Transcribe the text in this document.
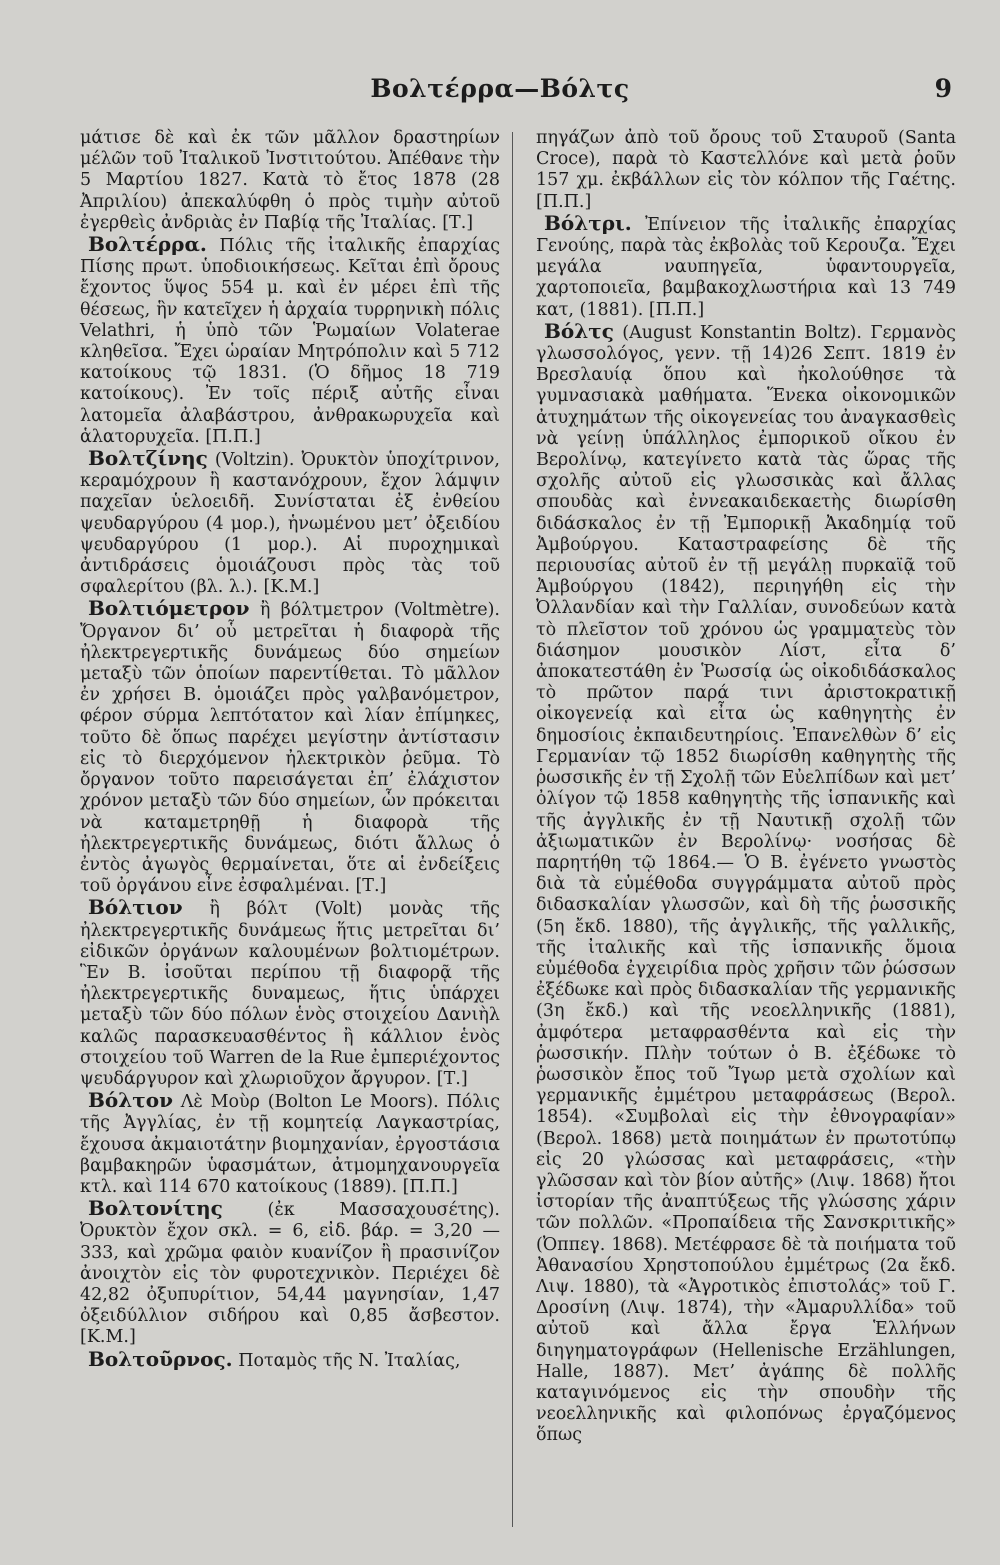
Βολτέρρα—Βόλτς	9

μάτισε δὲ καὶ ἐκ τῶν μᾶλλον δραστηρίων μέλῶν τοῦ Ἰταλικοῦ Ἰνστιτούτου. Ἀπέθανε τὴν 5 Μαρτίου 1827. Κατὰ τὸ ἔτος 1878 (28 Ἀπριλίου) ἀπεκαλύφθη ὁ πρὸς τιμὴν αὐτοῦ ἐγερθεὶς ἀνδριὰς ἐν Παβίᾳ τῆς Ἰταλίας. [Τ.]

Βολτέρρα. Πόλις τῆς ἰταλικῆς ἐπαρχίας Πίσης πρωτ. ὑποδιοικήσεως. Κεῖται ἐπὶ ὄρους ἔχοντος ὕψος 554 μ. καὶ ἐν μέρει ἐπὶ τῆς θέσεως, ἣν κατεῖχεν ἡ ἀρχαία τυρρηνικὴ πόλις Velathri, ἡ ὑπὸ τῶν Ῥωμαίων Volaterae κληθεῖσα. Ἔχει ὡραίαν Μητρόπολιν καὶ 5 712 κατοίκους τῷ 1831. (Ὁ δῆμος 18 719 κατοίκους). Ἐν τοῖς πέριξ αὐτῆς εἶναι λατομεῖα ἀλαβάστρου, ἀνθρακωρυχεῖα καὶ ἁλατορυχεῖα. [Π.Π.]

Βολτζίνης (Voltzin). Ὀρυκτὸν ὑποχίτρινον, κεραμόχρουν ἢ καστανόχρουν, ἔχον λάμψιν παχεῖαν ὑελοειδῆ. Συνίσταται ἐξ ἐνθείου ψευδαργύρου (4 μορ.), ἡνωμένου μετ’ ὀξειδίου ψευδαργύρου (1 μορ.). Αἱ πυροχημικαὶ ἀντιδράσεις ὁμοιάζουσι πρὸς τὰς τοῦ σφαλερίτου (βλ. λ.). [Κ.Μ.]

Βολτιόμετρον ἢ βόλτμετρον (Voltmètre). Ὄργανον δι’ οὗ μετρεῖται ἡ διαφορὰ τῆς ἠλεκτρεγερτικῆς δυνάμεως δύο σημείων μεταξὺ τῶν ὁποίων παρεντίθεται. Τὸ μᾶλλον ἐν χρήσει Β. ὁμοιάζει πρὸς γαλβανόμετρον, φέρον σύρμα λεπτότατον καὶ λίαν ἐπίμηκες, τοῦτο δὲ ὅπως παρέχει μεγίστην ἀντίστασιν εἰς τὸ διερχόμενον ἠλεκτρικὸν ῥεῦμα. Τὸ ὄργανον τοῦτο παρεισάγεται ἐπ’ ἐλάχιστον χρόνον μεταξὺ τῶν δύο σημείων, ὧν πρόκειται νὰ καταμετρηθῇ ἡ διαφορὰ τῆς ἠλεκτρεγερτικῆς δυνάμεως, διότι ἄλλως ὁ ἐντὸς ἀγωγὸς θερμαίνεται, ὅτε αἱ ἐνδείξεις τοῦ ὀργάνου εἶνε ἐσφαλμέναι. [Τ.]

Βόλτιον ἢ βόλτ (Volt) μονὰς τῆς ἠλεκτρεγερτικῆς δυνάμεως ἥτις μετρεῖται δι’ εἰδικῶν ὀργάνων καλουμένων βολτιομέτρων. Ἓν Β. ἰσοῦται περίπου τῇ διαφορᾷ τῆς ἠλεκτρεγερτικῆς δυναμεως, ἥτις ὑπάρχει μεταξὺ τῶν δύο πόλων ἑνὸς στοιχείου Δανιὴλ καλῶς παρασκευασθέντος ἢ κάλλιον ἑνὸς στοιχείου τοῦ Warren de la Rue ἐμπεριέχοντος ψευδάργυρον καὶ χλωριοῦχον ἄργυρον. [Τ.]

Βόλτον Λὲ Μοὺρ (Bolton Le Moors). Πόλις τῆς Ἀγγλίας, ἐν τῇ κομητείᾳ Λαγκαστρίας, ἔχουσα ἀκμαιοτάτην βιομηχανίαν, ἐργοστάσια βαμβακηρῶν ὑφασμάτων, ἀτμομηχανουργεῖα κτλ. καὶ 114 670 κατοίκους (1889). [Π.Π.]

Βολτονίτης	(ἐκ Μασσαχουσέτης). Ὀρυκτὸν ἔχον σκλ. = 6, εἰδ. βάρ. = 3,20 — 333, καὶ χρῶμα φαιὸν κυανίζον ἢ πρασινίζον ἀνοιχτὸν εἰς τὸν φυροτεχνικὸν. Περιέχει δὲ 42,82 ὀξυπυρίτιον, 54,44 μαγνησίαν, 1,47 ὀξειδύλλιον σιδήρου καὶ 0,85 ἄσβεστον. [Κ.Μ.]

Βολτοῦρνος. Ποταμὸς τῆς Ν. Ἰταλίας,

πηγάζων ἀπὸ τοῦ ὄρους τοῦ Σταυροῦ (Santa Croce), παρὰ τὸ Καστελλόνε καὶ μετὰ ῥοῦν 157 χμ. ἐκβάλλων εἰς τὸν κόλπον τῆς Γαέτης. [Π.Π.]

Βόλτρι. Ἐπίνειον τῆς ἰταλικῆς ἐπαρχίας Γενούης, παρὰ τὰς ἐκβολὰς τοῦ Κερουζα. Ἔχει μεγάλα ναυπηγεῖα, ὑφαντουργεῖα, χαρτοποιεῖα, βαμβακοχλωστήρια καὶ 13 749 κατ, (1881). [Π.Π.]

Βόλτς (August Konstantin Boltz). Γερμανὸς γλωσσολόγος, γενν. τῇ 14)26 Σεπτ. 1819 ἐν Βρεσλαυίᾳ ὅπου καὶ ἠκολούθησε τὰ γυμνασιακὰ μαθήματα. Ἕνεκα οἰκονομικῶν ἀτυχημάτων τῆς οἰκογενείας του ἀναγκασθεὶς νὰ γείνῃ ὑπάλληλος ἐμπορικοῦ οἴκου ἐν Βερολίνῳ, κατεγίνετο κατὰ τὰς ὥρας τῆς σχολῆς αὐτοῦ εἰς γλωσσικὰς καὶ ἄλλας σπουδὰς καὶ ἐννεακαιδεκαετὴς διωρίσθη διδάσκαλος ἐν τῇ Ἐμπορικῇ Ἀκαδημίᾳ τοῦ Ἀμβούργου. Καταστραφείσης δὲ τῆς περιουσίας αὐτοῦ ἐν τῇ μεγάλῃ πυρκαϊᾷ τοῦ Ἀμβούργου (1842), περιηγήθη εἰς τὴν Ὀλλανδίαν καὶ τὴν Γαλλίαν, συνοδεύων κατὰ τὸ πλεῖστον τοῦ χρόνου ὡς γραμματεὺς τὸν διάσημον μουσικὸν Λίστ, εἶτα δ’ ἀποκατεστάθη ἐν Ῥωσσίᾳ ὡς οἰκοδιδάσκαλος τὸ πρῶτον παρά τινι ἀριστοκρατικῇ οἰκογενείᾳ καὶ εἶτα ὡς καθηγητὴς ἐν δημοσίοις ἐκπαιδευτηρίοις. Ἐπανελθὼν δ’ εἰς Γερμανίαν τῷ 1852 διωρίσθη καθηγητὴς τῆς ῥωσσικῆς ἐν τῇ Σχολῇ τῶν Εὐελπίδων καὶ μετ’ ὀλίγον τῷ 1858 καθηγητὴς τῆς ἱσπανικῆς καὶ τῆς ἀγγλικῆς ἐν τῇ Ναυτικῇ σχολῇ τῶν ἀξιωματικῶν ἐν Βερολίνῳ· νοσήσας δὲ παρητήθη τῷ 1864.— Ὁ Β. ἐγένετο γνωστὸς διὰ τὰ εὐμέθοδα συγγράμματα αὐτοῦ πρὸς διδασκαλίαν γλωσσῶν, καὶ δὴ τῆς ῥωσσικῆς (5η ἔκδ. 1880), τῆς ἀγγλικῆς, τῆς γαλλικῆς, τῆς ἰταλικῆς καὶ τῆς ἱσπανικῆς ὅμοια εὐμέθοδα ἐγχειρίδια πρὸς χρῆσιν τῶν ῥώσσων ἐξέδωκε καὶ πρὸς διδασκαλίαν τῆς γερμανικῆς (3η ἔκδ.) καὶ τῆς νεοελληνικῆς (1881), ἀμφότερα μεταφρασθέντα καὶ εἰς τὴν ῥωσσικήν. Πλὴν τούτων ὁ Β. ἐξέδωκε τὸ ῥωσσικὸν ἔπος τοῦ Ἴγωρ μετὰ σχολίων καὶ γερμανικῆς ἐμμέτρου μεταφράσεως (Βερολ. 1854). «Συμβολαὶ εἰς τὴν ἐθνογραφίαν» (Βερολ. 1868) μετὰ ποιημάτων ἐν πρωτοτύπῳ εἰς 20 γλώσσας καὶ μεταφράσεις, «τὴν γλῶσσαν καὶ τὸν βίον αὐτῆς» (Λιψ. 1868) ἤτοι ἱστορίαν τῆς ἀναπτύξεως τῆς γλώσσης χάριν τῶν πολλῶν. «Προπαίδεια τῆς Σανσκριτικῆς» (Ὀππεγ. 1868). Μετέφρασε δὲ τὰ ποιήματα τοῦ Ἀθανασίου Χρηστοπούλου ἐμμέτρως (2α ἔκδ. Λιψ. 1880), τὰ «Ἀγροτικὸς ἐπιστολάς» τοῦ Γ. Δροσίνη (Λιψ. 1874), τὴν «Ἀμαρυλλίδα» τοῦ αὐτοῦ καὶ ἄλλα ἔργα Ἑλλήνων διηγηματογράφων (Hellenische Erzählungen, Halle, 1887). Μετ’ ἀγάπης δὲ πολλῆς καταγινόμενος εἰς τὴν σπουδὴν τῆς νεοελληνικῆς καὶ φιλοπόνως ἐργαζόμενος ὅπως
